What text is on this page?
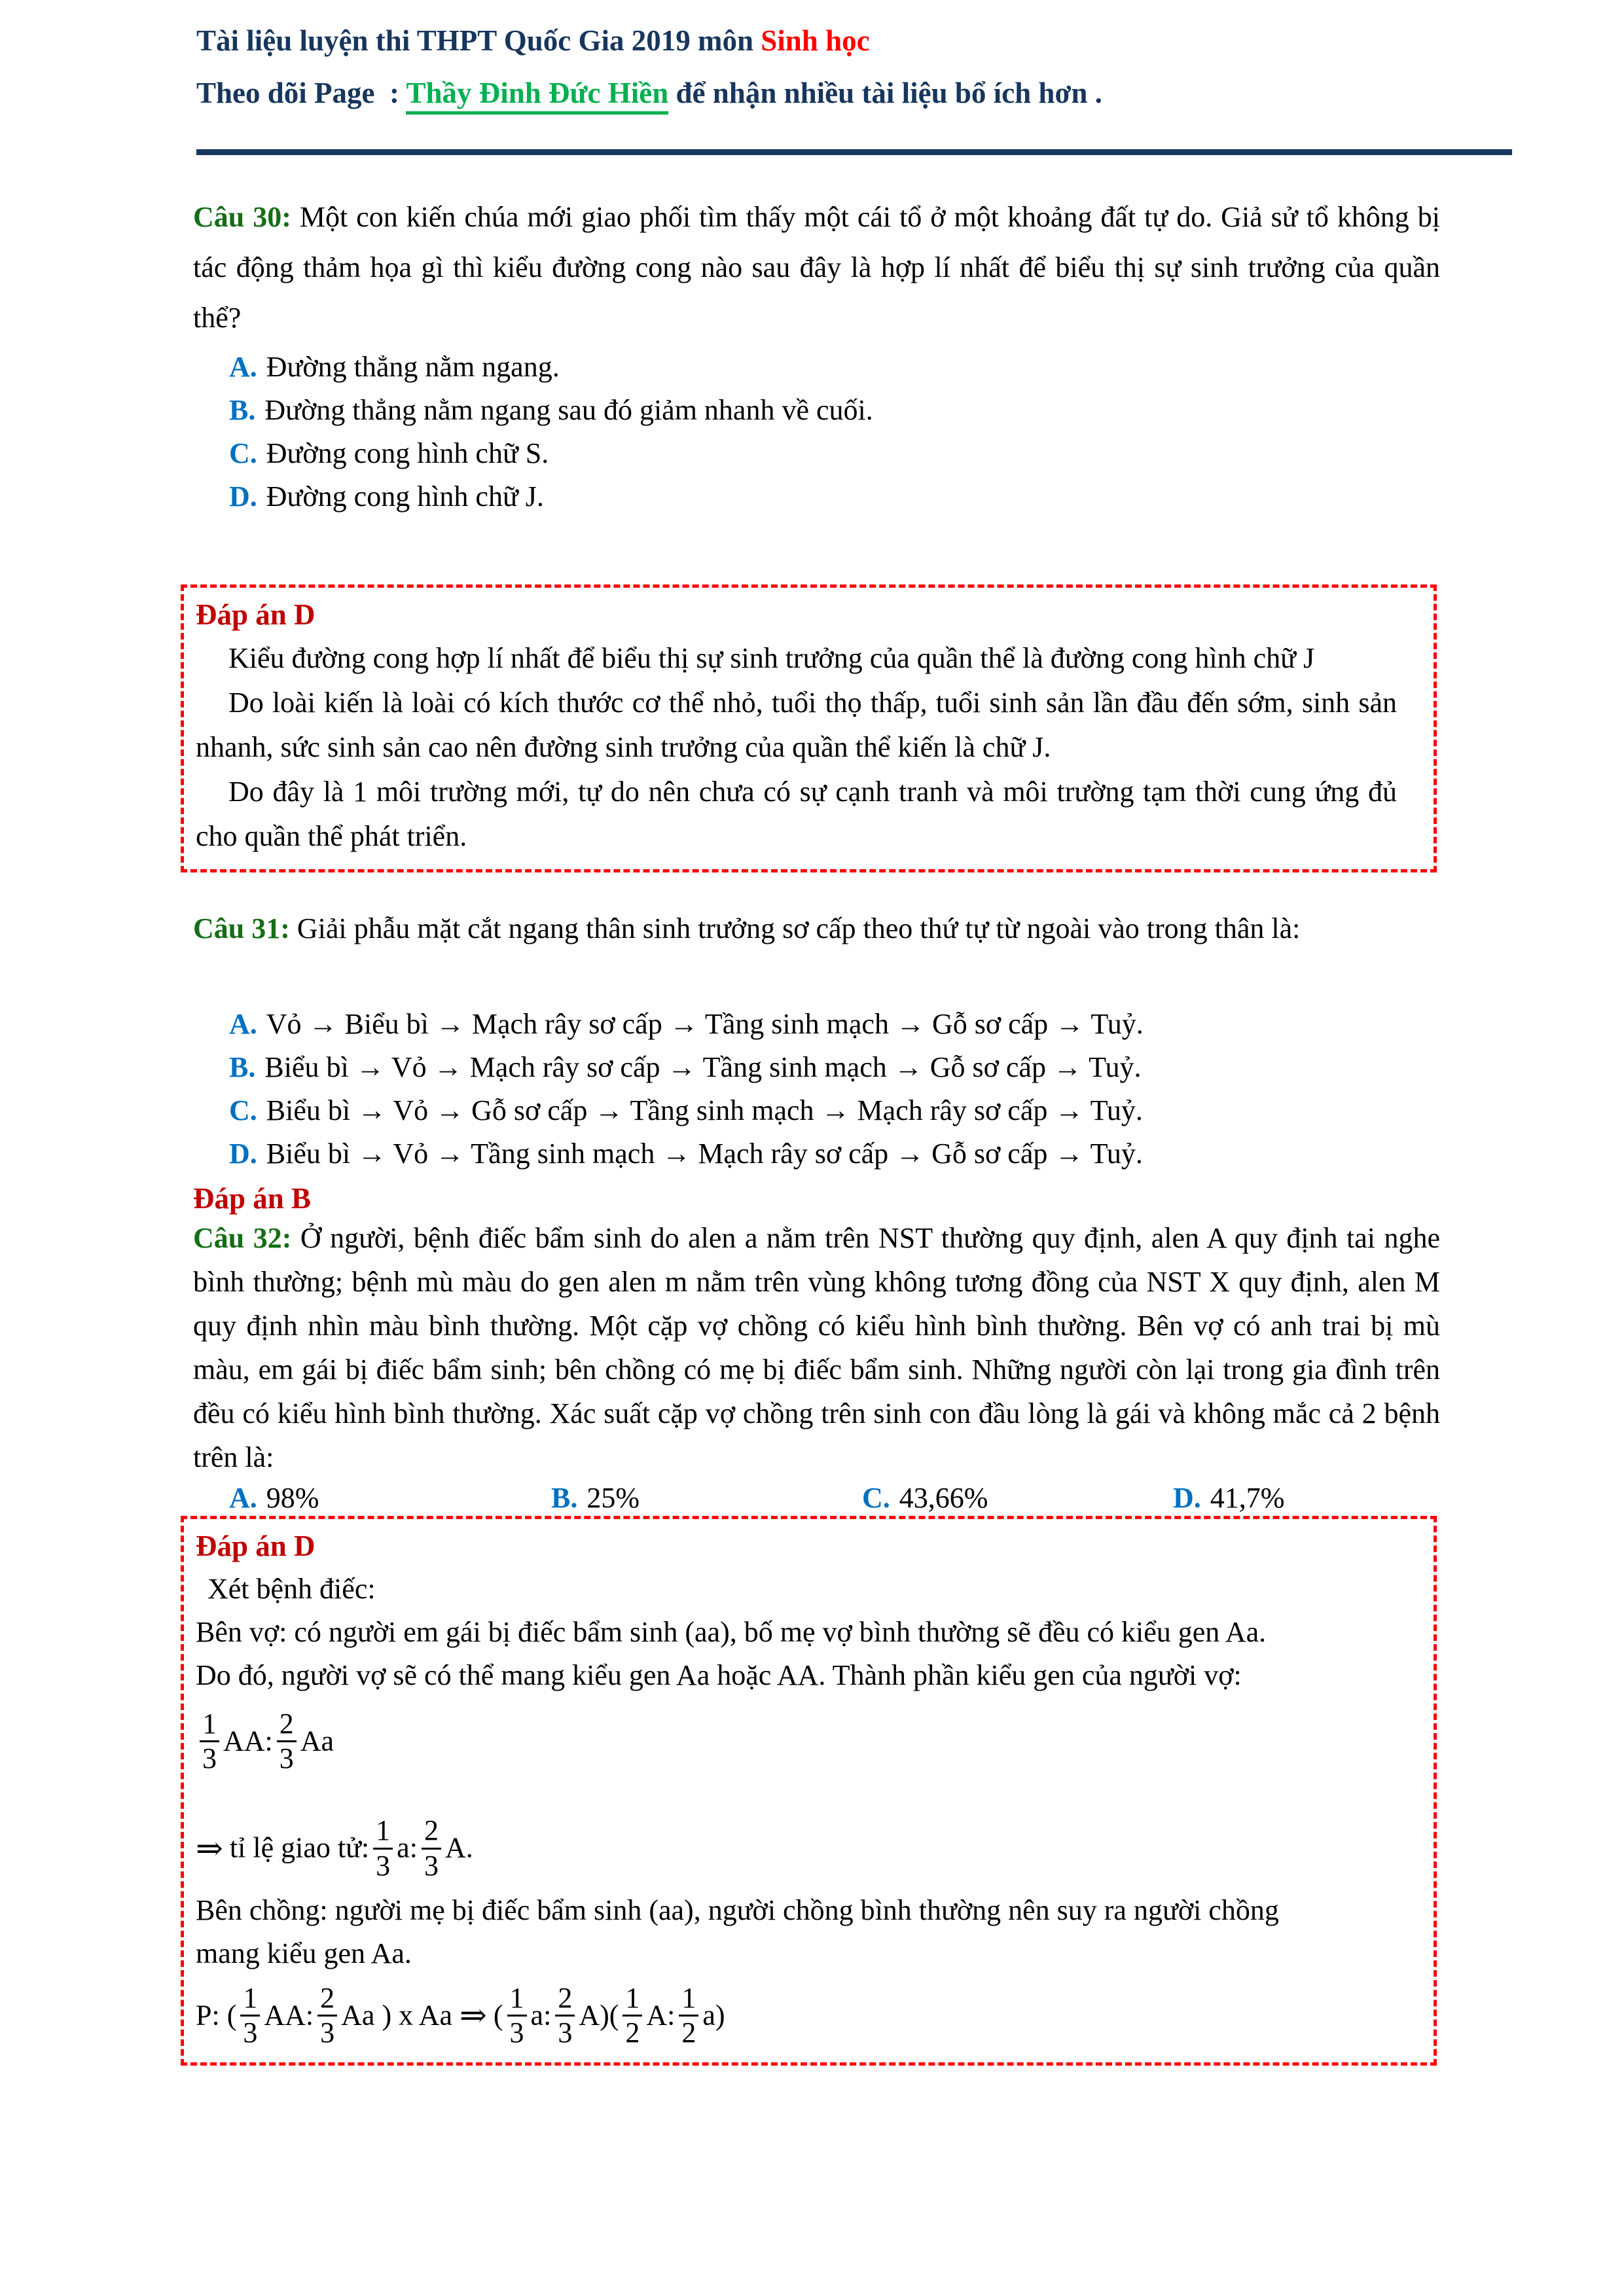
Tài liệu luyện thi THPT Quốc Gia 2019 môn Sinh học
Theo dõi Page  : Thầy Đinh Đức Hiền để nhận nhiều tài liệu bổ ích hơn .
Câu 30: Một con kiến chúa mới giao phối tìm thấy một cái tổ ở một khoảng đất tự do. Giả sử tổ không bị tác động thảm họa gì thì kiểu đường cong nào sau đây là hợp lí nhất để biểu thị sự sinh trưởng của quần thể?
A. Đường thẳng nằm ngang.
B. Đường thẳng nằm ngang sau đó giảm nhanh về cuối.
C. Đường cong hình chữ S.
D. Đường cong hình chữ J.
Đáp án D

Kiểu đường cong hợp lí nhất để biểu thị sự sinh trưởng của quần thể là đường cong hình chữ J

Do loài kiến là loài có kích thước cơ thể nhỏ, tuổi thọ thấp, tuổi sinh sản lần đầu đến sớm, sinh sản nhanh, sức sinh sản cao nên đường sinh trưởng của quần thể kiến là chữ J.

Do đây là 1 môi trường mới, tự do nên chưa có sự cạnh tranh và môi trường tạm thời cung ứng đủ cho quần thể phát triển.

Câu 31: Giải phẫu mặt cắt ngang thân sinh trưởng sơ cấp theo thứ tự từ ngoài vào trong thân là:
A. Vỏ → Biểu bì → Mạch rây sơ cấp → Tầng sinh mạch → Gỗ sơ cấp → Tuỷ.
B. Biểu bì → Vỏ → Mạch rây sơ cấp → Tầng sinh mạch → Gỗ sơ cấp → Tuỷ.
C. Biểu bì → Vỏ → Gỗ sơ cấp → Tầng sinh mạch → Mạch rây sơ cấp → Tuỷ.
D. Biểu bì → Vỏ → Tầng sinh mạch → Mạch rây sơ cấp → Gỗ sơ cấp → Tuỷ.
Đáp án B
Câu 32: Ở người, bệnh điếc bẩm sinh do alen a nằm trên NST thường quy định, alen A quy định tai nghe bình thường; bệnh mù màu do gen alen m nằm trên vùng không tương đồng của NST X quy định, alen M quy định nhìn màu bình thường. Một cặp vợ chồng có kiểu hình bình thường. Bên vợ có anh trai bị mù màu, em gái bị điếc bẩm sinh; bên chồng có mẹ bị điếc bẩm sinh. Những người còn lại trong gia đình trên đều có kiểu hình bình thường. Xác suất cặp vợ chồng trên sinh con đầu lòng là gái và không mắc cả 2 bệnh trên là:
A. 98%	B. 25%	C. 43,66%	D. 41,7%
Đáp án D
Xét bệnh điếc:
Bên vợ: có người em gái bị điếc bẩm sinh (aa), bố mẹ vợ bình thường sẽ đều có kiểu gen Aa.
Do đó, người vợ sẽ có thể mang kiểu gen Aa hoặc AA. Thành phần kiểu gen của người vợ:
$\frac{1}{3}$ AA: $\frac{2}{3}$ Aa
⇒ tỉ lệ giao tử: $\frac{1}{3} a$: $\frac{2}{3} A$.
Bên chồng: người mẹ bị điếc bẩm sinh (aa), người chồng bình thường nên suy ra người chồng
mang kiểu gen Aa.
P: ( $\frac{1}{3}$ AA: $\frac{2}{3}$ Aa ) x Aa ⇒ ( $\frac{1}{3} a$: $\frac{2}{3} A)( \frac{1}{2} A$: $\frac{1}{2} a$)
